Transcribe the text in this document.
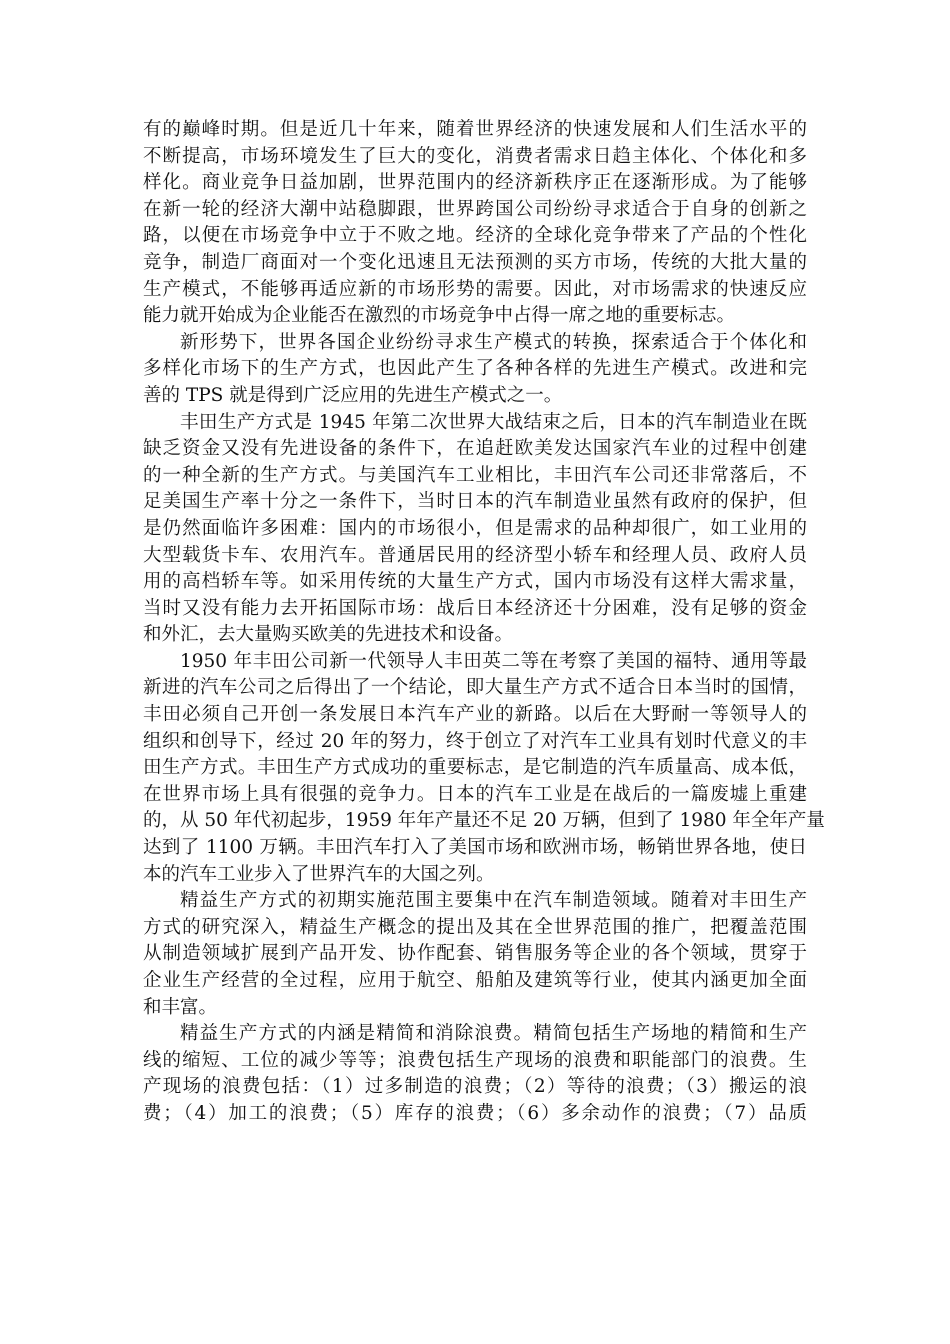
有的巅峰时期。但是近几十年来，随着世界经济的快速发展和人们生活水平的
不断提高，市场环境发生了巨大的变化，消费者需求日趋主体化、个体化和多
样化。商业竞争日益加剧，世界范围内的经济新秩序正在逐渐形成。为了能够
在新一轮的经济大潮中站稳脚跟，世界跨国公司纷纷寻求适合于自身的创新之
路，以便在市场竞争中立于不败之地。经济的全球化竞争带来了产品的个性化
竞争，制造厂商面对一个变化迅速且无法预测的买方市场，传统的大批大量的
生产模式，不能够再适应新的市场形势的需要。因此，对市场需求的快速反应
能力就开始成为企业能否在激烈的市场竞争中占得一席之地的重要标志。
新形势下，世界各国企业纷纷寻求生产模式的转换，探索适合于个体化和
多样化市场下的生产方式，也因此产生了各种各样的先进生产模式。改进和完
善的 TPS 就是得到广泛应用的先进生产模式之一。
丰田生产方式是 1945 年第二次世界大战结束之后，日本的汽车制造业在既
缺乏资金又没有先进设备的条件下，在追赶欧美发达国家汽车业的过程中创建
的一种全新的生产方式。与美国汽车工业相比，丰田汽车公司还非常落后，不
足美国生产率十分之一条件下，当时日本的汽车制造业虽然有政府的保护，但
是仍然面临许多困难：国内的市场很小，但是需求的品种却很广，如工业用的
大型载货卡车、农用汽车。普通居民用的经济型小轿车和经理人员、政府人员
用的高档轿车等。如采用传统的大量生产方式，国内市场没有这样大需求量，
当时又没有能力去开拓国际市场：战后日本经济还十分困难，没有足够的资金
和外汇，去大量购买欧美的先进技术和设备。
1950 年丰田公司新一代领导人丰田英二等在考察了美国的福特、通用等最
新进的汽车公司之后得出了一个结论，即大量生产方式不适合日本当时的国情，
丰田必须自己开创一条发展日本汽车产业的新路。以后在大野耐一等领导人的
组织和创导下，经过 20 年的努力，终于创立了对汽车工业具有划时代意义的丰
田生产方式。丰田生产方式成功的重要标志，是它制造的汽车质量高、成本低，
在世界市场上具有很强的竞争力。日本的汽车工业是在战后的一篇废墟上重建
的，从 50 年代初起步，1959 年年产量还不足 20 万辆，但到了 1980 年全年产量
达到了 1100 万辆。丰田汽车打入了美国市场和欧洲市场，畅销世界各地，使日
本的汽车工业步入了世界汽车的大国之列。
精益生产方式的初期实施范围主要集中在汽车制造领域。随着对丰田生产
方式的研究深入，精益生产概念的提出及其在全世界范围的推广，把覆盖范围
从制造领域扩展到产品开发、协作配套、销售服务等企业的各个领域，贯穿于
企业生产经营的全过程，应用于航空、船舶及建筑等行业，使其内涵更加全面
和丰富。
精益生产方式的内涵是精简和消除浪费。精简包括生产场地的精简和生产
线的缩短、工位的减少等等；浪费包括生产现场的浪费和职能部门的浪费。生
产现场的浪费包括：（1）过多制造的浪费；（2）等待的浪费；（3）搬运的浪
费；（4）加工的浪费；（5）库存的浪费；（6）多余动作的浪费；（7）品质
